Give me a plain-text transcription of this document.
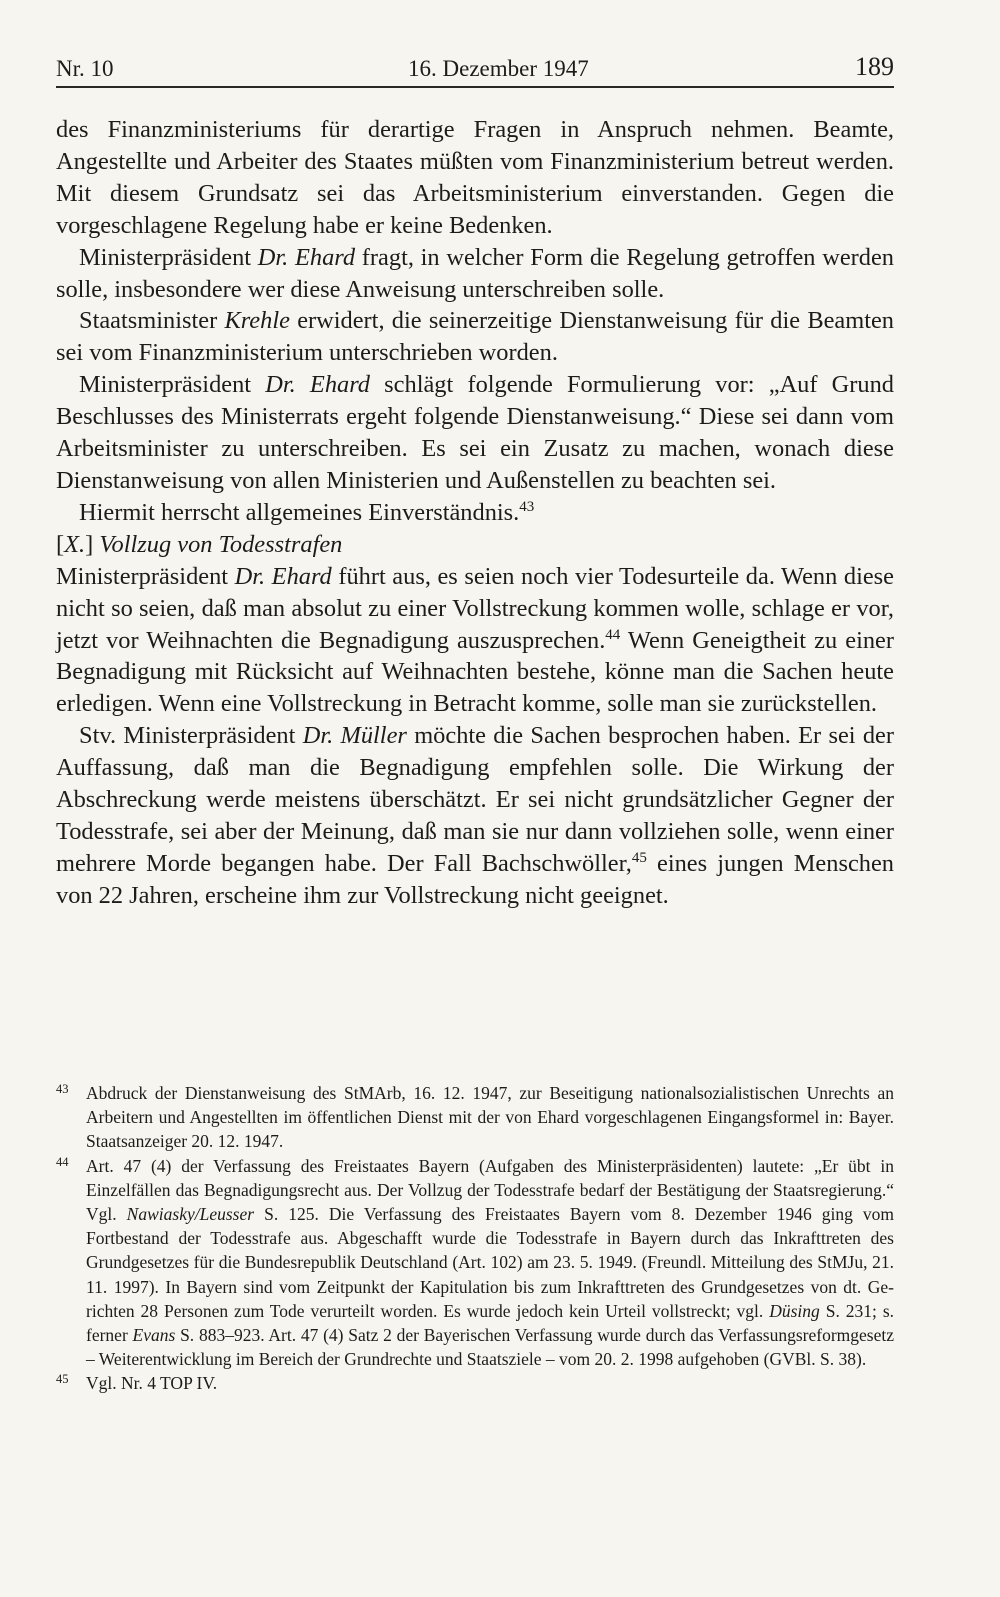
Nr. 10	16. Dezember 1947	189

des Finanzministeriums für derartige Fragen in Anspruch nehmen. Beamte, Angestellte und Arbeiter des Staates müßten vom Finanzministerium betreut werden. Mit diesem Grundsatz sei das Arbeitsministerium einverstanden. Gegen die vorgeschlagene Regelung habe er keine Bedenken.

Ministerpräsident Dr. Ehard fragt, in welcher Form die Regelung getroffen werden solle, insbesondere wer diese Anweisung unterschreiben solle.

Staatsminister Krehle erwidert, die seinerzeitige Dienstanweisung für die Beamten sei vom Finanzministerium unterschrieben worden.

Ministerpräsident Dr. Ehard schlägt folgende Formulierung vor: „Auf Grund Beschlusses des Ministerrats ergeht folgende Dienstanweisung.“ Diese sei dann vom Arbeitsminister zu unterschreiben. Es sei ein Zusatz zu machen, wonach diese Dienstanweisung von allen Ministerien und Außenstellen zu beachten sei.

Hiermit herrscht allgemeines Einverständnis.$^{43}$

[X.] Vollzug von Todesstrafen

Ministerpräsident Dr. Ehard führt aus, es seien noch vier Todesurteile da. Wenn diese nicht so seien, daß man absolut zu einer Vollstreckung kommen wolle, schlage er vor, jetzt vor Weihnachten die Begnadigung auszusprechen.$^{44}$ Wenn Geneigtheit zu einer Begnadigung mit Rücksicht auf Weihnachten bestehe, könne man die Sachen heute erledigen. Wenn eine Vollstreckung in Betracht komme, solle man sie zurückstellen.

Stv. Ministerpräsident Dr. Müller möchte die Sachen besprochen haben. Er sei der Auffassung, daß man die Begnadigung empfehlen solle. Die Wirkung der Abschreckung werde meistens überschätzt. Er sei nicht grundsätzlicher Gegner der Todesstrafe, sei aber der Meinung, daß man sie nur dann vollziehen solle, wenn einer mehrere Morde begangen habe. Der Fall Bachschwöller,$^{45}$ eines jungen Menschen von 22 Jahren, erscheine ihm zur Vollstreckung nicht geeignet.

43 Abdruck der Dienstanweisung des StMArb, 16. 12. 1947, zur Beseitigung nationalsozialistischen Unrechts an Arbeitern und Angestellten im öffentlichen Dienst mit der von Ehard vorgeschlagenen Eingangsformel in: Bayer. Staatsanzeiger 20. 12. 1947.

44 Art. 47 (4) der Verfassung des Freistaates Bayern (Aufgaben des Ministerpräsidenten) lautete: „Er übt in Einzelfällen das Begnadigungsrecht aus. Der Vollzug der Todesstrafe bedarf der Bestätigung der Staatsregierung.“ Vgl. Nawiasky/Leusser S. 125. Die Verfassung des Freistaates Bayern vom 8. Dezember 1946 ging vom Fortbestand der Todesstrafe aus. Abgeschafft wurde die Todesstrafe in Bayern durch das Inkrafttreten des Grundgesetzes für die Bundesrepublik Deutschland (Art. 102) am 23. 5. 1949. (Freundl. Mitteilung des StMJu, 21. 11. 1997). In Bayern sind vom Zeitpunkt der Kapitulation bis zum Inkrafttreten des Grundgesetzes von dt. Gerichten 28 Personen zum Tode verurteilt worden. Es wurde jedoch kein Urteil vollstreckt; vgl. Düsing S. 231; s. ferner Evans S. 883–923. Art. 47 (4) Satz 2 der Bayerischen Verfassung wurde durch das Verfassungsreformgesetz – Weiterentwicklung im Bereich der Grundrechte und Staatsziele – vom 20. 2. 1998 aufgehoben (GVBl. S. 38).

45 Vgl. Nr. 4 TOP IV.
